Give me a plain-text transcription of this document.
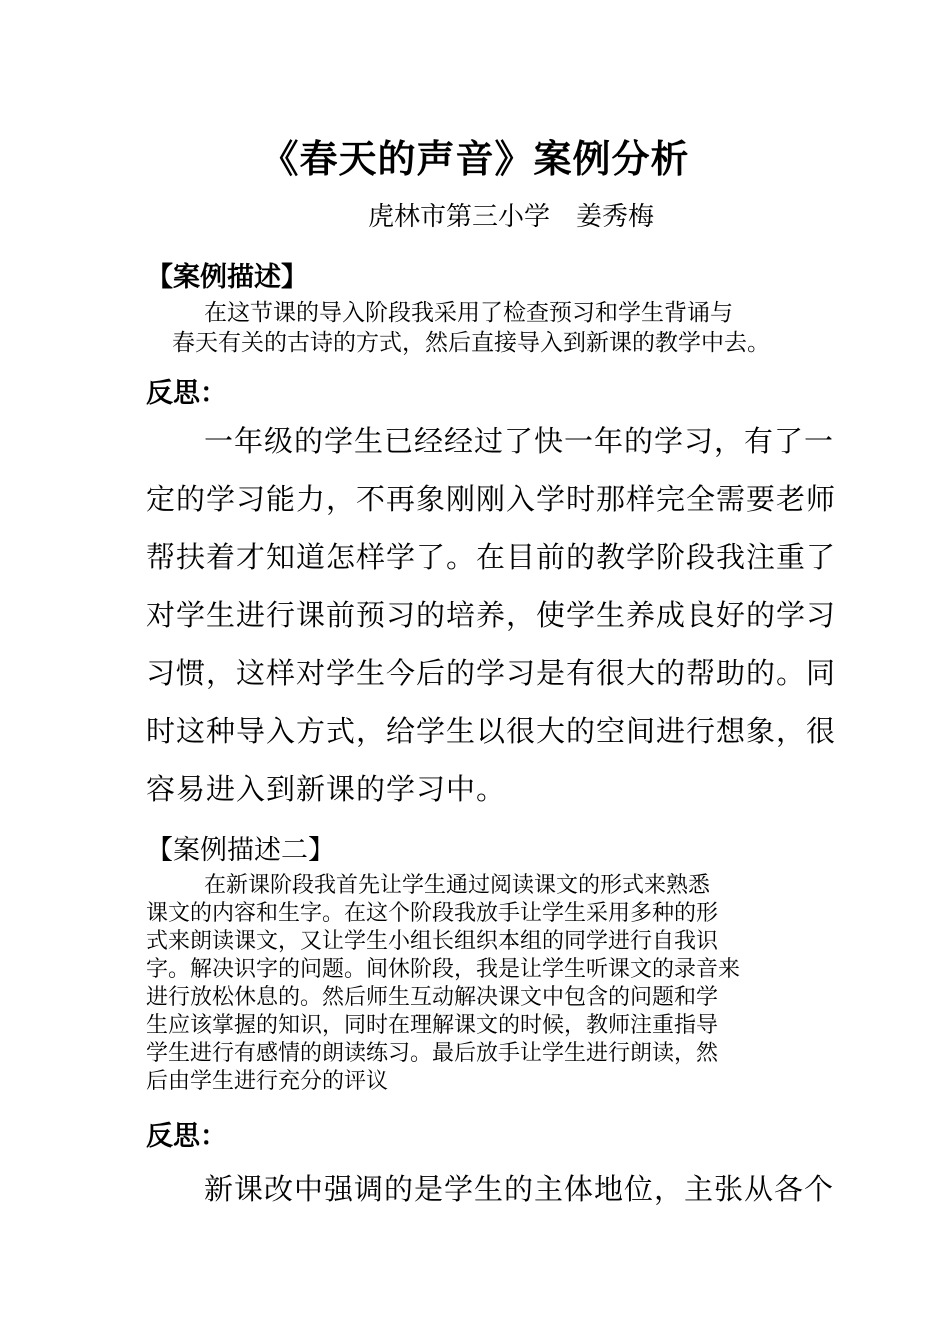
《春天的声音》案例分析
虎林市第三小学　姜秀梅
【案例描述】
在这节课的导入阶段我采用了检查预习和学生背诵与
春天有关的古诗的方式，然后直接导入到新课的教学中去。
反思：
一年级的学生已经经过了快一年的学习，有了一
定的学习能力，不再象刚刚入学时那样完全需要老师
帮扶着才知道怎样学了。在目前的教学阶段我注重了
对学生进行课前预习的培养，使学生养成良好的学习
习惯，这样对学生今后的学习是有很大的帮助的。同
时这种导入方式，给学生以很大的空间进行想象，很
容易进入到新课的学习中。
【案例描述二】
在新课阶段我首先让学生通过阅读课文的形式来熟悉
课文的内容和生字。在这个阶段我放手让学生采用多种的形
式来朗读课文，又让学生小组长组织本组的同学进行自我识
字。解决识字的问题。间休阶段，我是让学生听课文的录音来
进行放松休息的。然后师生互动解决课文中包含的问题和学
生应该掌握的知识，同时在理解课文的时候，教师注重指导
学生进行有感情的朗读练习。最后放手让学生进行朗读，然
后由学生进行充分的评议
反思：
新课改中强调的是学生的主体地位，主张从各个
